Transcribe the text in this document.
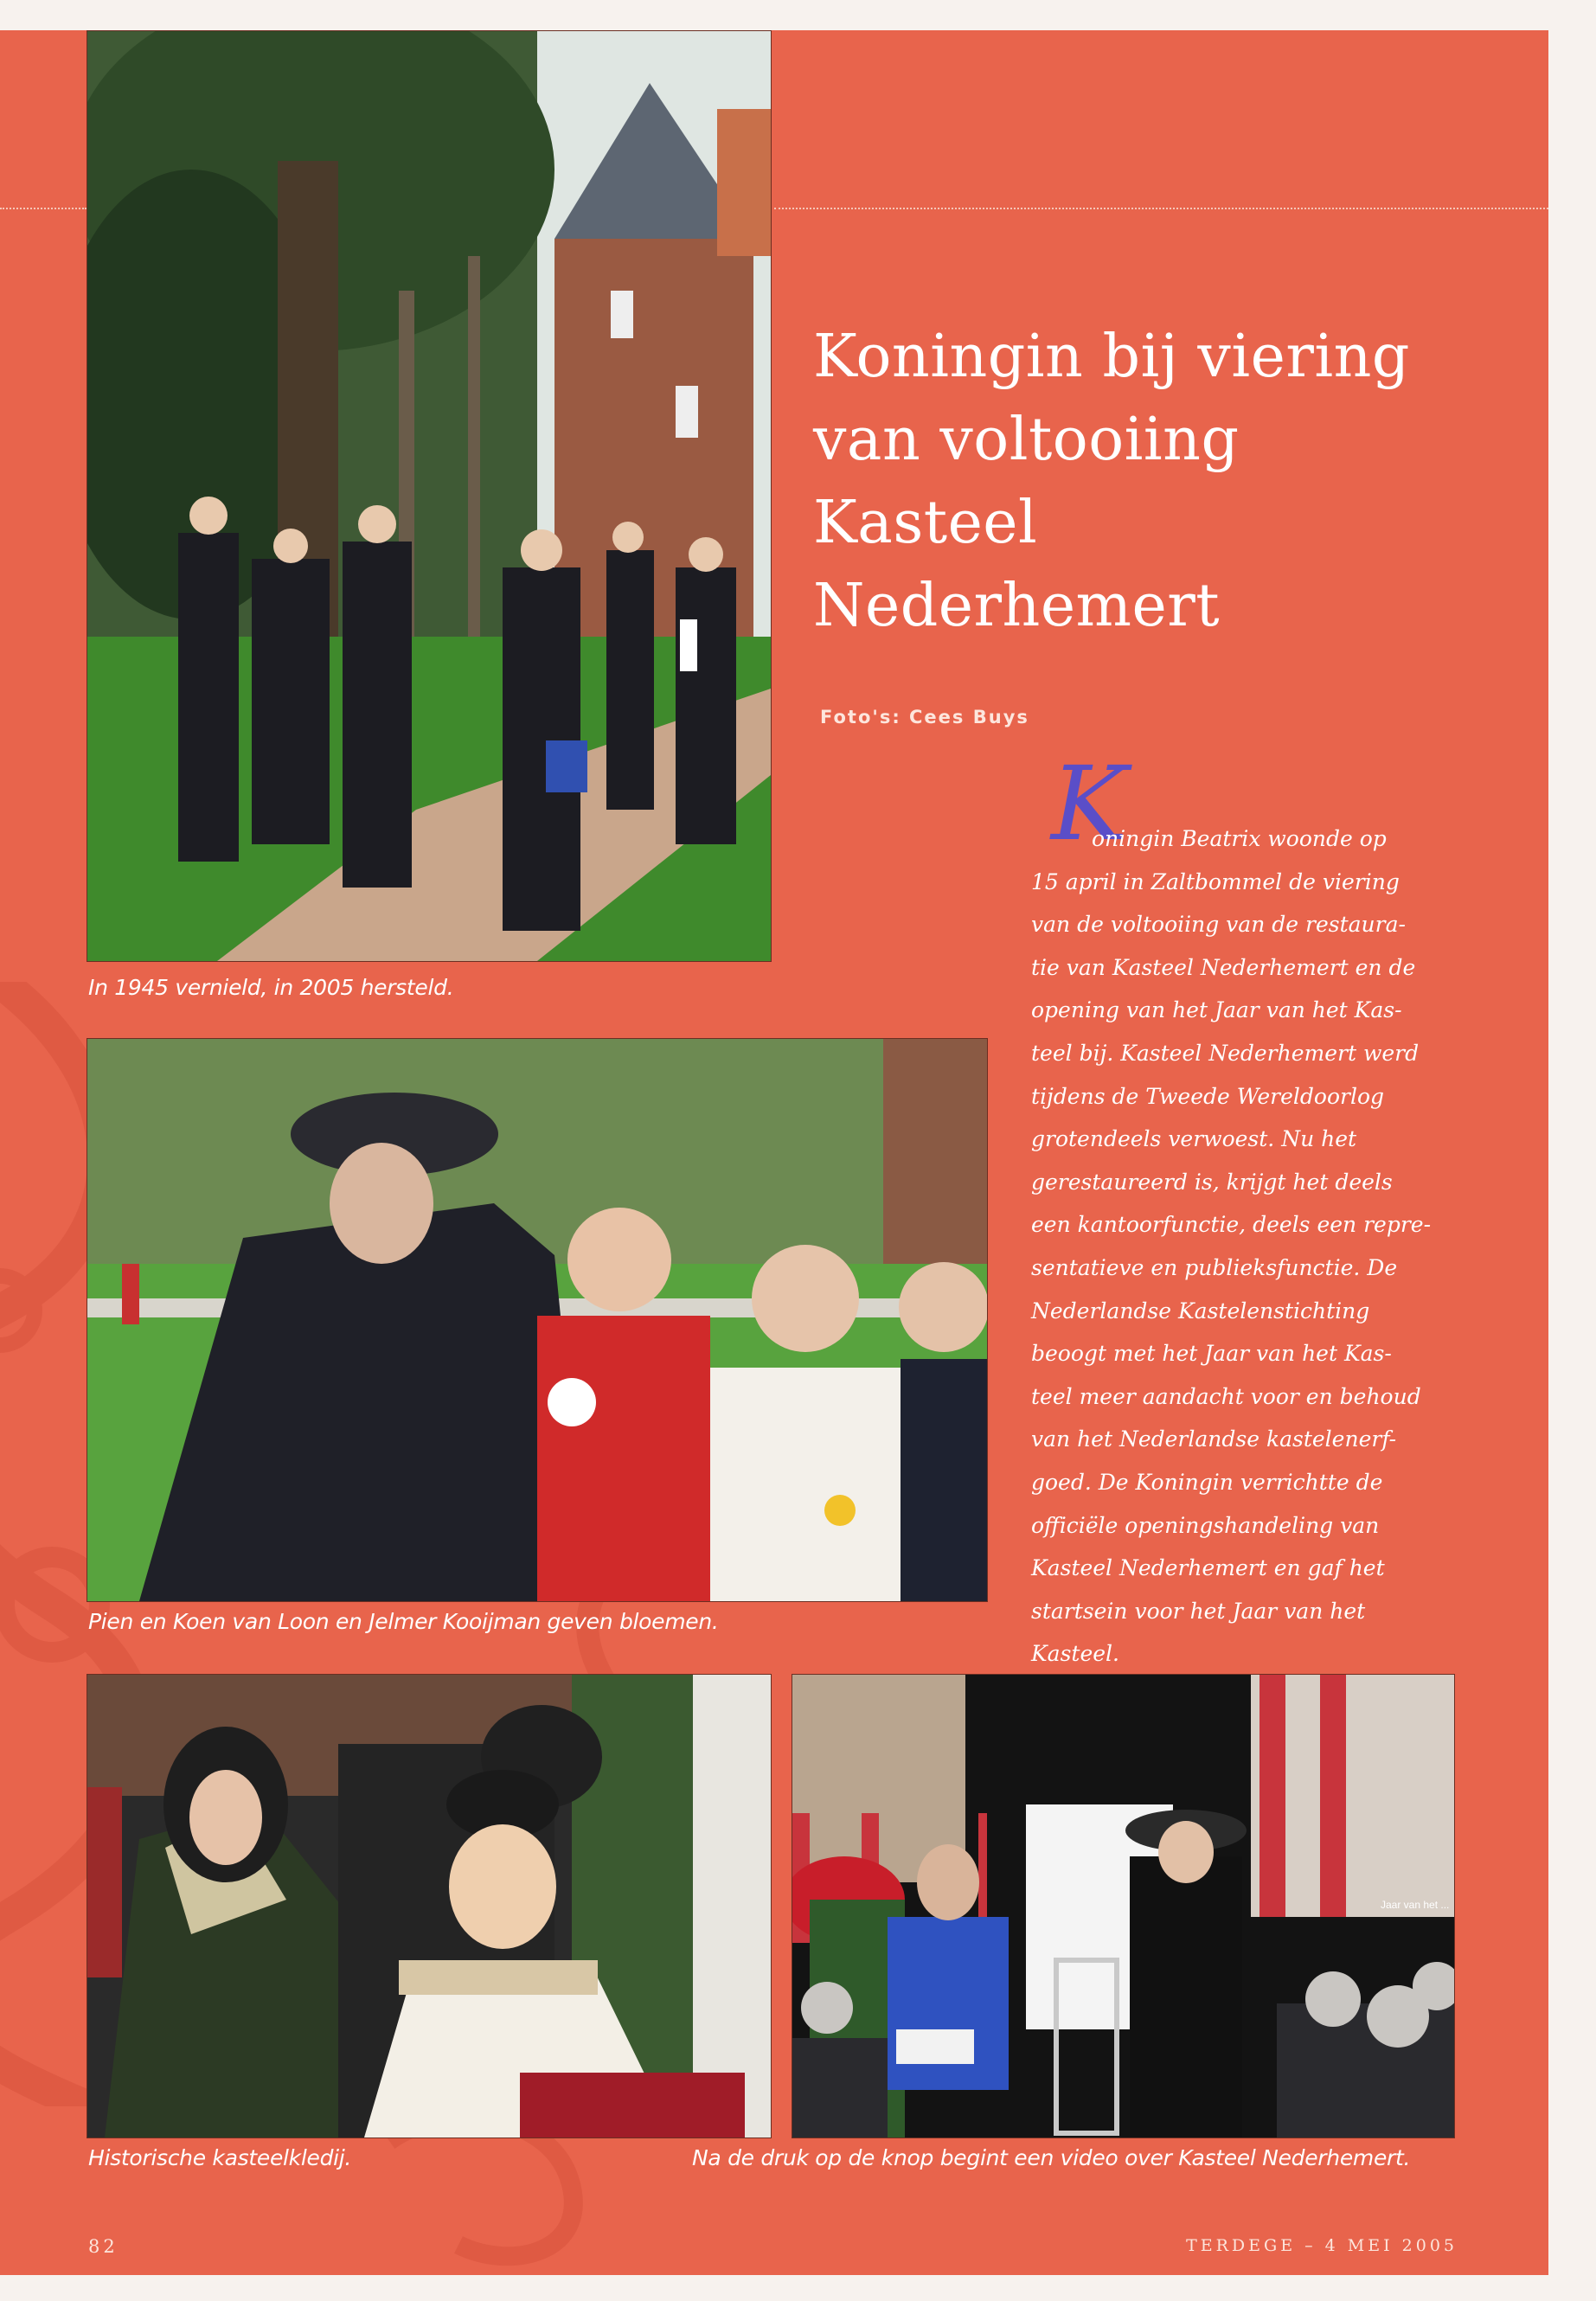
In 1945 vernield, in 2005 hersteld.
Pien en Koen van Loon en Jelmer Kooijman geven bloemen.
Historische kasteelkledij.
Jaar van het ...
Na de druk op de knop begint een video over Kasteel Nederhemert.
Koningin bij viering
van voltooiing
Kasteel
Nederhemert
Foto's: Cees Buys
K
oningin Beatrix woonde op
15 april in Zaltbommel de viering
van de voltooiing van de restaura-
tie van Kasteel Nederhemert en de
opening van het Jaar van het Kas-
teel bij. Kasteel Nederhemert werd
tijdens de Tweede Wereldoorlog
grotendeels verwoest. Nu het
gerestaureerd is, krijgt het deels
een kantoorfunctie, deels een repre-
sentatieve en publieksfunctie. De
Nederlandse Kastelenstichting
beoogt met het Jaar van het Kas-
teel meer aandacht voor en behoud
van het Nederlandse kastelenerf-
goed. De Koningin verrichtte de
officiële openingshandeling van
Kasteel Nederhemert en gaf het
startsein voor het Jaar van het
Kasteel.
82	TERDEGE – 4 MEI 2005
